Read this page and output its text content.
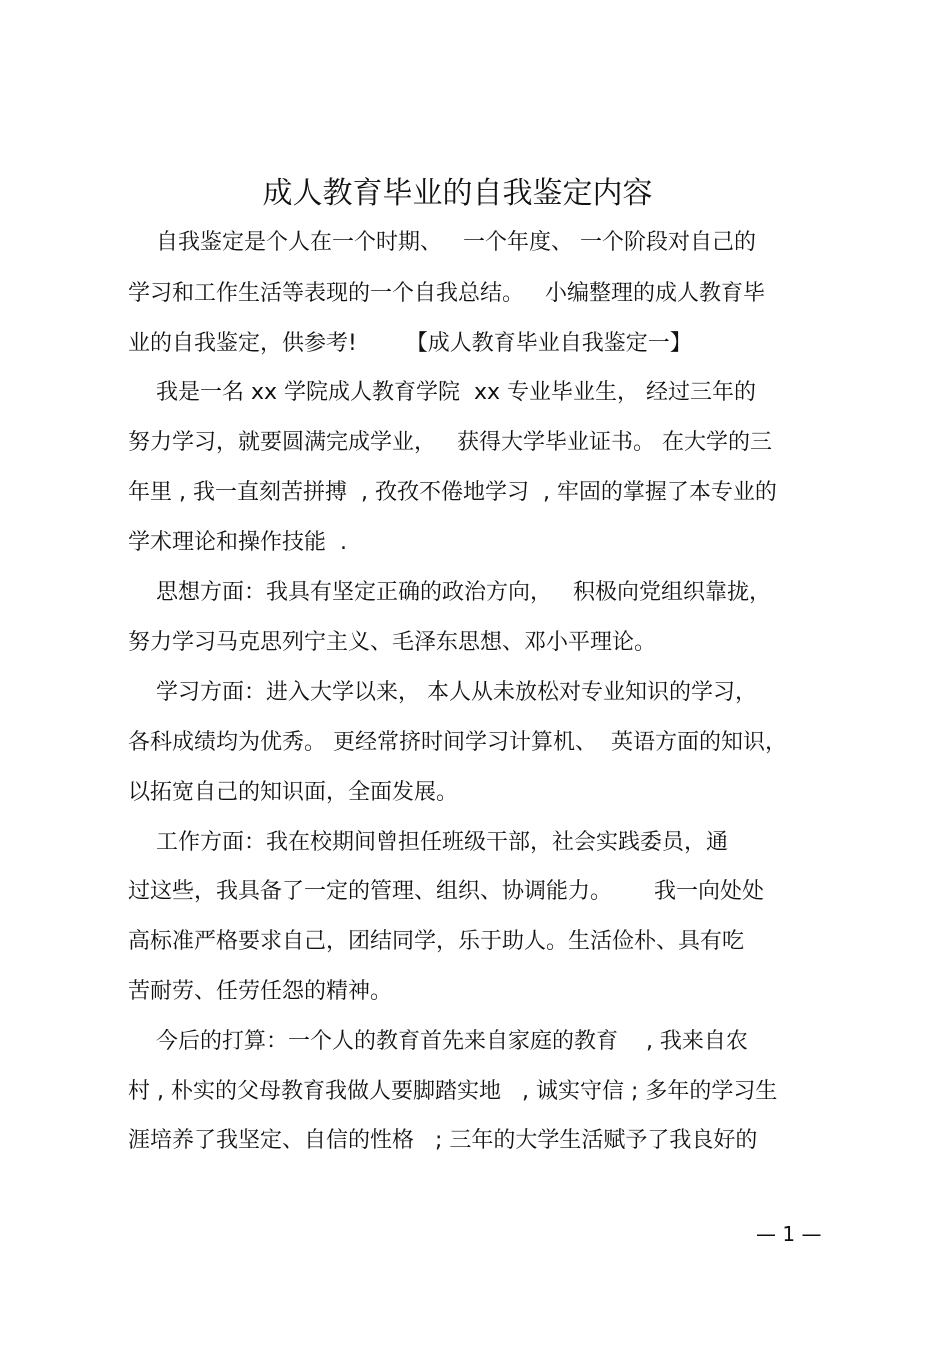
成人教育毕业的自我鉴定内容
自我鉴定是个人在一个时期、   一个年度、 一个阶段对自己的
学习和工作生活等表现的一个自我总结。   小编整理的成人教育毕
业的自我鉴定，供参考!       【成人教育毕业自我鉴定一】
我是一名 xx 学院成人教育学院  xx 专业毕业生， 经过三年的
努力学习，就要圆满完成学业，   获得大学毕业证书。 在大学的三
年里 , 我一直刻苦拼搏  , 孜孜不倦地学习  , 牢固的掌握了本专业的
学术理论和操作技能  .
思想方面：我具有坚定正确的政治方向，   积极向党组织靠拢，
努力学习马克思列宁主义、毛泽东思想、邓小平理论。
学习方面：进入大学以来， 本人从未放松对专业知识的学习，
各科成绩均为优秀。 更经常挤时间学习计算机、  英语方面的知识，
以拓宽自己的知识面，全面发展。
工作方面：我在校期间曾担任班级干部，社会实践委员，通
过这些，我具备了一定的管理、组织、协调能力。      我一向处处
高标准严格要求自己，团结同学，乐于助人。生活俭朴、具有吃
苦耐劳、任劳任怨的精神。
今后的打算：一个人的教育首先来自家庭的教育    , 我来自农
村 , 朴实的父母教育我做人要脚踏实地   , 诚实守信 ; 多年的学习生
涯培养了我坚定、自信的性格   ; 三年的大学生活赋予了我良好的
— 1 —
